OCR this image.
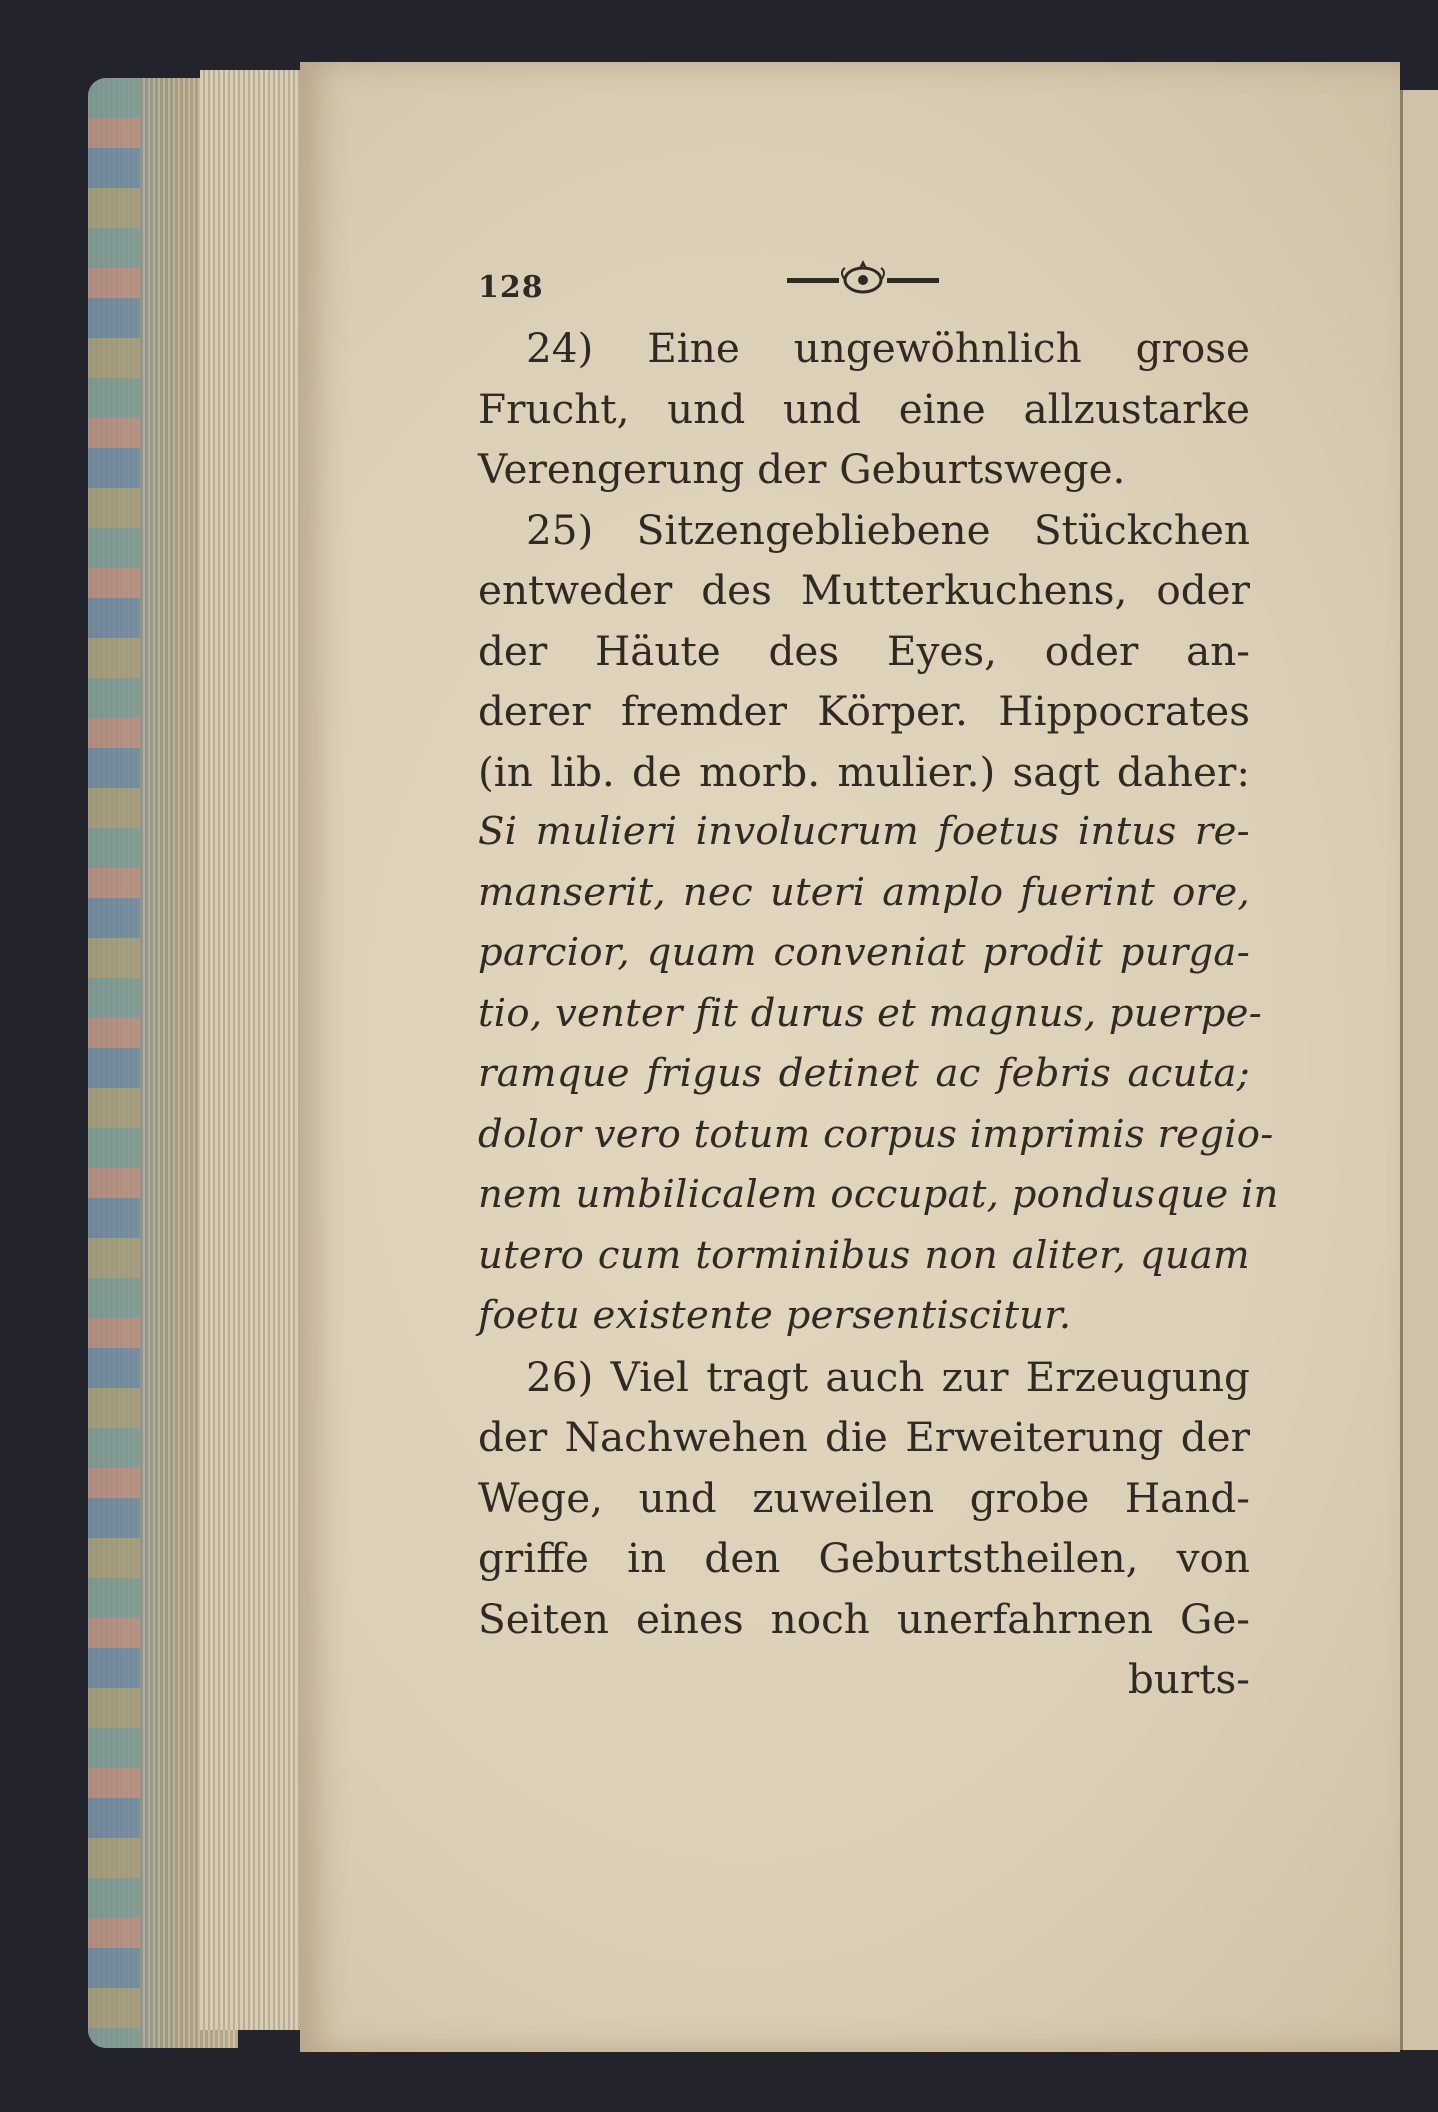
128
24) Eine ungewöhnlich grose
Frucht, und und eine allzustarke
Verengerung der Geburtswege.
25) Sitzengebliebene Stückchen
entweder des Mutterkuchens, oder
der Häute des Eyes, oder an-
derer fremder Körper. Hippocrates
(in lib. de morb. mulier.) sagt daher:
Si mulieri involucrum foetus intus re-
manserit, nec uteri amplo fuerint ore,
parcior, quam conveniat prodit purga-
tio, venter fit durus et magnus, puerpe-
ramque frigus detinet ac febris acuta;
dolor vero totum corpus imprimis regio-
nem umbilicalem occupat, pondusque in
utero cum torminibus non aliter, quam
foetu existente persentiscitur.
26) Viel tragt auch zur Erzeugung
der Nachwehen die Erweiterung der
Wege, und zuweilen grobe Hand-
griffe in den Geburtstheilen, von
Seiten eines noch unerfahrnen Ge-
burts-
